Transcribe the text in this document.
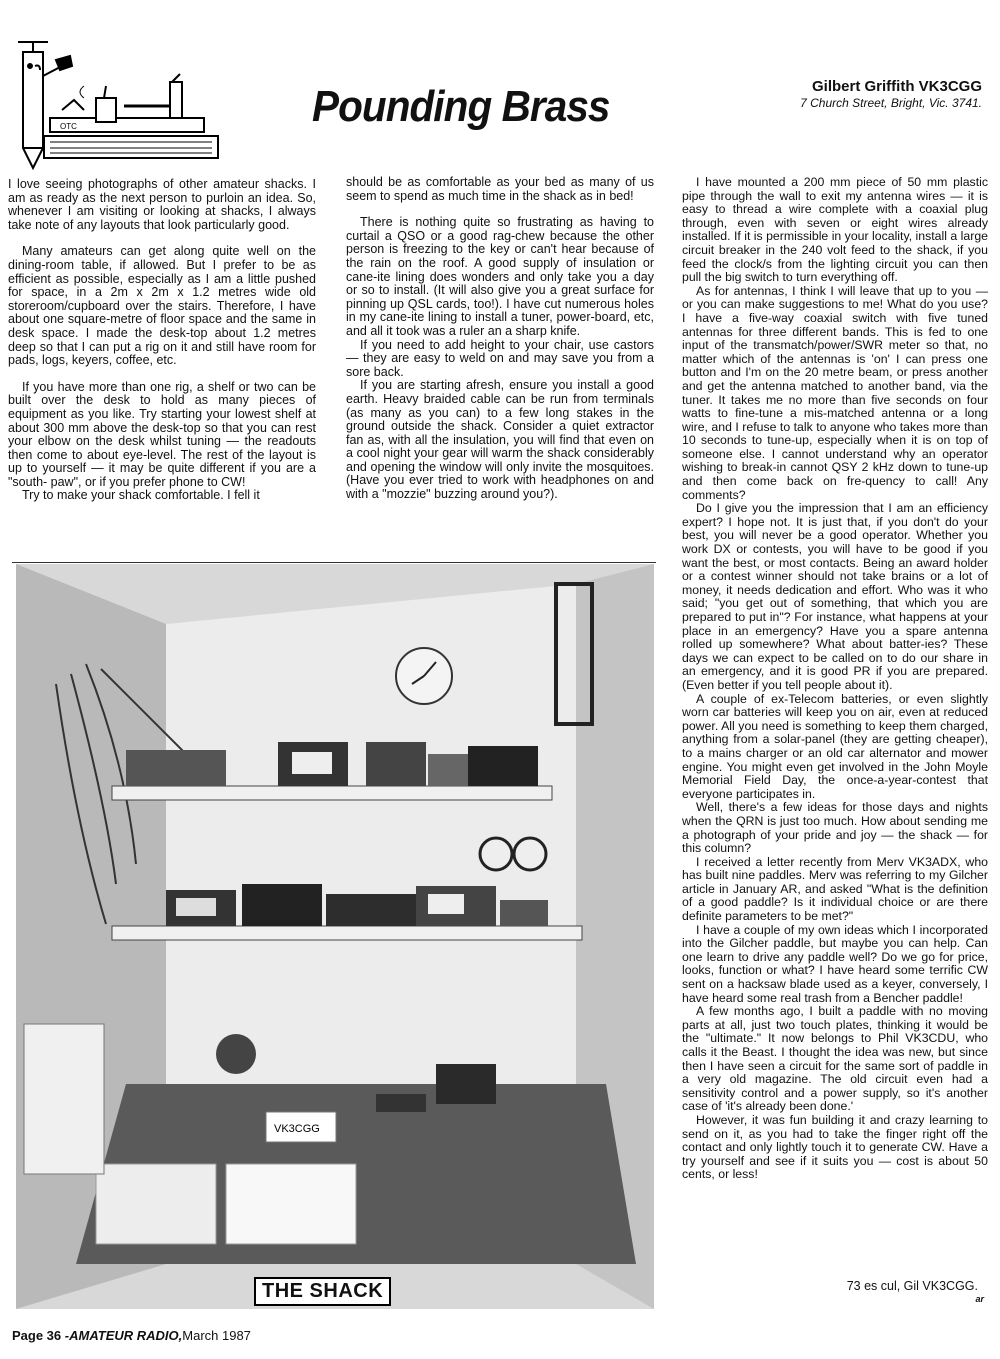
OTC	Pounding Brass	Gilbert Griffith VK3CGG
7 Church Street, Bright, Vic. 3741.

I love seeing photographs of other amateur shacks. I am as ready as the next person to purloin an idea. So, whenever I am visiting or looking at shacks, I always take note of any layouts that look particularly good.

Many amateurs can get along quite well on the dining-room table, if allowed. But I prefer to be as efficient as possible, especially as I am a little pushed for space, in a 2m x 2m x 1.2 metres wide old storeroom/cupboard over the stairs. Therefore, I have about one square-metre of floor space and the same in desk space. I made the desk-top about 1.2 metres deep so that I can put a rig on it and still have room for pads, logs, keyers, coffee, etc.

If you have more than one rig, a shelf or two can be built over the desk to hold as many pieces of equipment as you like. Try starting your lowest shelf at about 300 mm above the desk-top so that you can rest your elbow on the desk whilst tuning — the readouts then come to about eye-level. The rest of the layout is up to yourself — it may be quite different if you are a "south- paw", or if you prefer phone to CW!

Try to make your shack comfortable. I fell it

should be as comfortable as your bed as many of us seem to spend as much time in the shack as in bed!

There is nothing quite so frustrating as having to curtail a QSO or a good rag-chew because the other person is freezing to the key or can't hear because of the rain on the roof. A good supply of insulation or cane-ite lining does wonders and only take you a day or so to install. (It will also give you a great surface for pinning up QSL cards, too!). I have cut numerous holes in my cane-ite lining to install a tuner, power-board, etc, and all it took was a ruler an a sharp knife.

If you need to add height to your chair, use castors — they are easy to weld on and may save you from a sore back.

If you are starting afresh, ensure you install a good earth. Heavy braided cable can be run from terminals (as many as you can) to a few long stakes in the ground outside the shack. Consider a quiet extractor fan as, with all the insulation, you will find that even on a cool night your gear will warm the shack considerably and opening the window will only invite the mosquitoes. (Have you ever tried to work with headphones on and with a "mozzie" buzzing around you?).

I have mounted a 200 mm piece of 50 mm plastic pipe through the wall to exit my antenna wires — it is easy to thread a wire complete with a coaxial plug through, even with seven or eight wires already installed. If it is permissible in your locality, install a large circuit breaker in the 240 volt feed to the shack, if you feed the clock/s from the lighting circuit you can then pull the big switch to turn everything off.

As for antennas, I think I will leave that up to you — or you can make suggestions to me! What do you use? I have a five-way coaxial switch with five tuned antennas for three different bands. This is fed to one input of the transmatch/power/SWR meter so that, no matter which of the antennas is 'on' I can press one button and I'm on the 20 metre beam, or press another and get the antenna matched to another band, via the tuner. It takes me no more than five seconds on four watts to fine-tune a mis-matched antenna or a long wire, and I refuse to talk to anyone who takes more than 10 seconds to tune-up, especially when it is on top of someone else. I cannot understand why an operator wishing to break-in cannot QSY 2 kHz down to tune-up and then come back on fre-quency to call! Any comments?

Do I give you the impression that I am an efficiency expert? I hope not. It is just that, if you don't do your best, you will never be a good operator. Whether you work DX or contests, you will have to be good if you want the best, or most contacts. Being an award holder or a contest winner should not take brains or a lot of money, it needs dedication and effort. Who was it who said; "you get out of something, that which you are prepared to put in"? For instance, what happens at your place in an emergency? Have you a spare antenna rolled up somewhere? What about batter-ies? These days we can expect to be called on to do our share in an emergency, and it is good PR if you are prepared. (Even better if you tell people about it).

A couple of ex-Telecom batteries, or even slightly worn car batteries will keep you on air, even at reduced power. All you need is something to keep them charged, anything from a solar-panel (they are getting cheaper), to a mains charger or an old car alternator and mower engine. You might even get involved in the John Moyle Memorial Field Day, the once-a-year-contest that everyone participates in.

Well, there's a few ideas for those days and nights when the QRN is just too much. How about sending me a photograph of your pride and joy — the shack — for this column?

I received a letter recently from Merv VK3ADX, who has built nine paddles. Merv was referring to my Gilcher article in January AR, and asked "What is the definition of a good paddle? Is it individual choice or are there definite parameters to be met?"

I have a couple of my own ideas which I incorporated into the Gilcher paddle, but maybe you can help. Can one learn to drive any paddle well? Do we go for price, looks, function or what? I have heard some terrific CW sent on a hacksaw blade used as a keyer, conversely, I have heard some real trash from a Bencher paddle!

A few months ago, I built a paddle with no moving parts at all, just two touch plates, thinking it would be the "ultimate." It now belongs to Phil VK3CDU, who calls it the Beast. I thought the idea was new, but since then I have seen a circuit for the same sort of paddle in a very old magazine. The old circuit even had a sensitivity control and a power supply, so it's another case of 'it's already been done.'

However, it was fun building it and crazy learning to send on it, as you had to take the finger right off the contact and only lightly touch it to generate CW. Have a try yourself and see if it suits you — cost is about 50 cents, or less!

VK3CGG
THE SHACK	73 es cul, Gil VK3CGG.
ar
Page 36 -AMATEUR RADIO,March 1987
